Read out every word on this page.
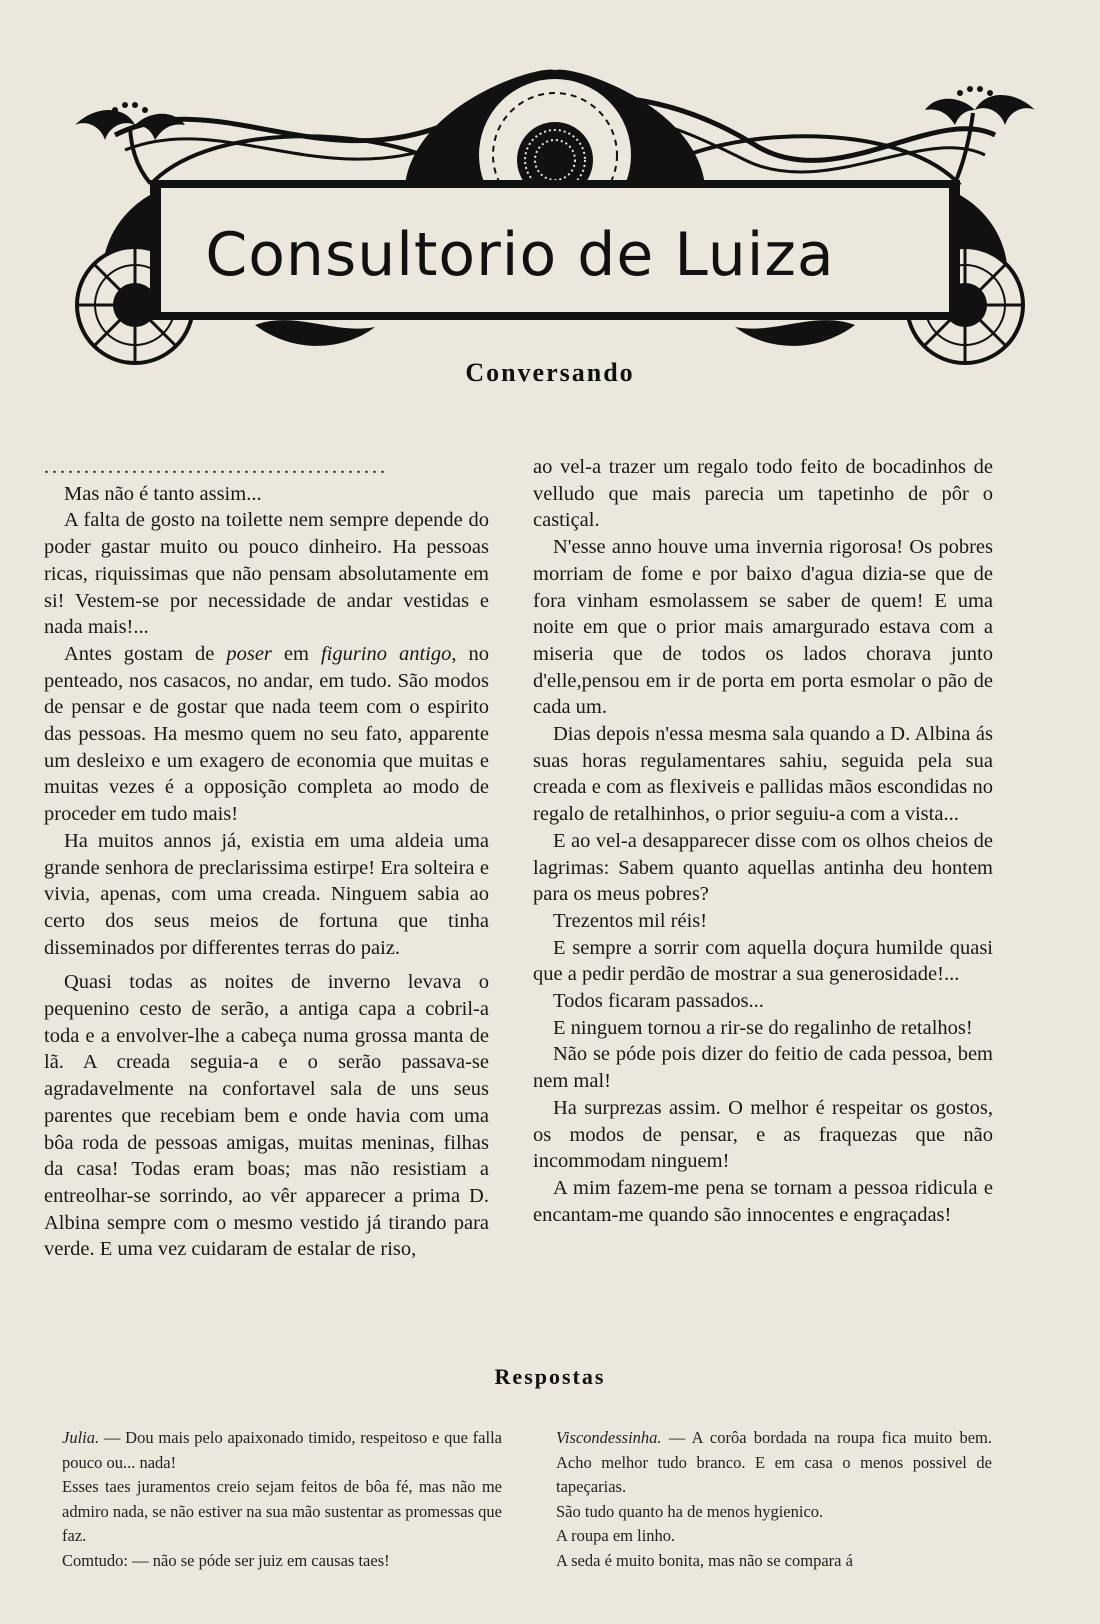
Consultorio de Luiza
Conversando
...........................................

Mas não é tanto assim...

A falta de gosto na toilette nem sempre depende do poder gastar muito ou pouco dinheiro. Ha pessoas ricas, riquissimas que não pensam absolutamente em si! Vestem-se por necessidade de andar vestidas e nada mais!...

Antes gostam de poser em figurino antigo, no penteado, nos casacos, no andar, em tudo. São modos de pensar e de gostar que nada teem com o espirito das pessoas. Ha mesmo quem no seu fato, apparente um desleixo e um exagero de economia que muitas e muitas vezes é a opposição completa ao modo de proceder em tudo mais!

Ha muitos annos já, existia em uma aldeia uma grande senhora de preclarissima estirpe! Era solteira e vivia, apenas, com uma creada. Ninguem sabia ao certo dos seus meios de fortuna que tinha disseminados por differentes terras do paiz.

Quasi todas as noites de inverno levava o pequenino cesto de serão, a antiga capa a cobril-a toda e a envolver-lhe a cabeça numa grossa manta de lã. A creada seguia-a e o serão passava-se agradavelmente na confortavel sala de uns seus parentes que recebiam bem e onde havia com uma bôa roda de pessoas amigas, muitas meninas, filhas da casa! Todas eram boas; mas não resistiam a entreolhar-se sorrindo, ao vêr apparecer a prima D. Albina sempre com o mesmo vestido já tirando para verde. E uma vez cuidaram de estalar de riso,

ao vel-a trazer um regalo todo feito de bocadinhos de velludo que mais parecia um tapetinho de pôr o castiçal.

N'esse anno houve uma invernia rigorosa! Os pobres morriam de fome e por baixo d'agua dizia-se que de fora vinham esmolassem se saber de quem! E uma noite em que o prior mais amargurado estava com a miseria que de todos os lados chorava junto d'elle,pensou em ir de porta em porta esmolar o pão de cada um.

Dias depois n'essa mesma sala quando a D. Albina ás suas horas regulamentares sahiu, seguida pela sua creada e com as flexiveis e pallidas mãos escondidas no regalo de retalhinhos, o prior seguiu-a com a vista...

E ao vel-a desapparecer disse com os olhos cheios de lagrimas: Sabem quanto aquellas antinha deu hontem para os meus pobres?

Trezentos mil réis!

E sempre a sorrir com aquella doçura humilde quasi que a pedir perdão de mostrar a sua generosidade!...

Todos ficaram passados...

E ninguem tornou a rir-se do regalinho de retalhos!

Não se póde pois dizer do feitio de cada pessoa, bem nem mal!

Ha surprezas assim. O melhor é respeitar os gostos, os modos de pensar, e as fraquezas que não incommodam ninguem!

A mim fazem-me pena se tornam a pessoa ridicula e encantam-me quando são innocentes e engraçadas!

Respostas

Julia. — Dou mais pelo apaixonado timido, respeitoso e que falla pouco ou... nada!

Esses taes juramentos creio sejam feitos de bôa fé, mas não me admiro nada, se não estiver na sua mão sustentar as promessas que faz.

Comtudo: — não se póde ser juiz em causas taes!

Viscondessinha. — A corôa bordada na roupa fica muito bem. Acho melhor tudo branco. E em casa o menos possivel de tapeçarias.

São tudo quanto ha de menos hygienico.

A roupa em linho.

A seda é muito bonita, mas não se compara á
